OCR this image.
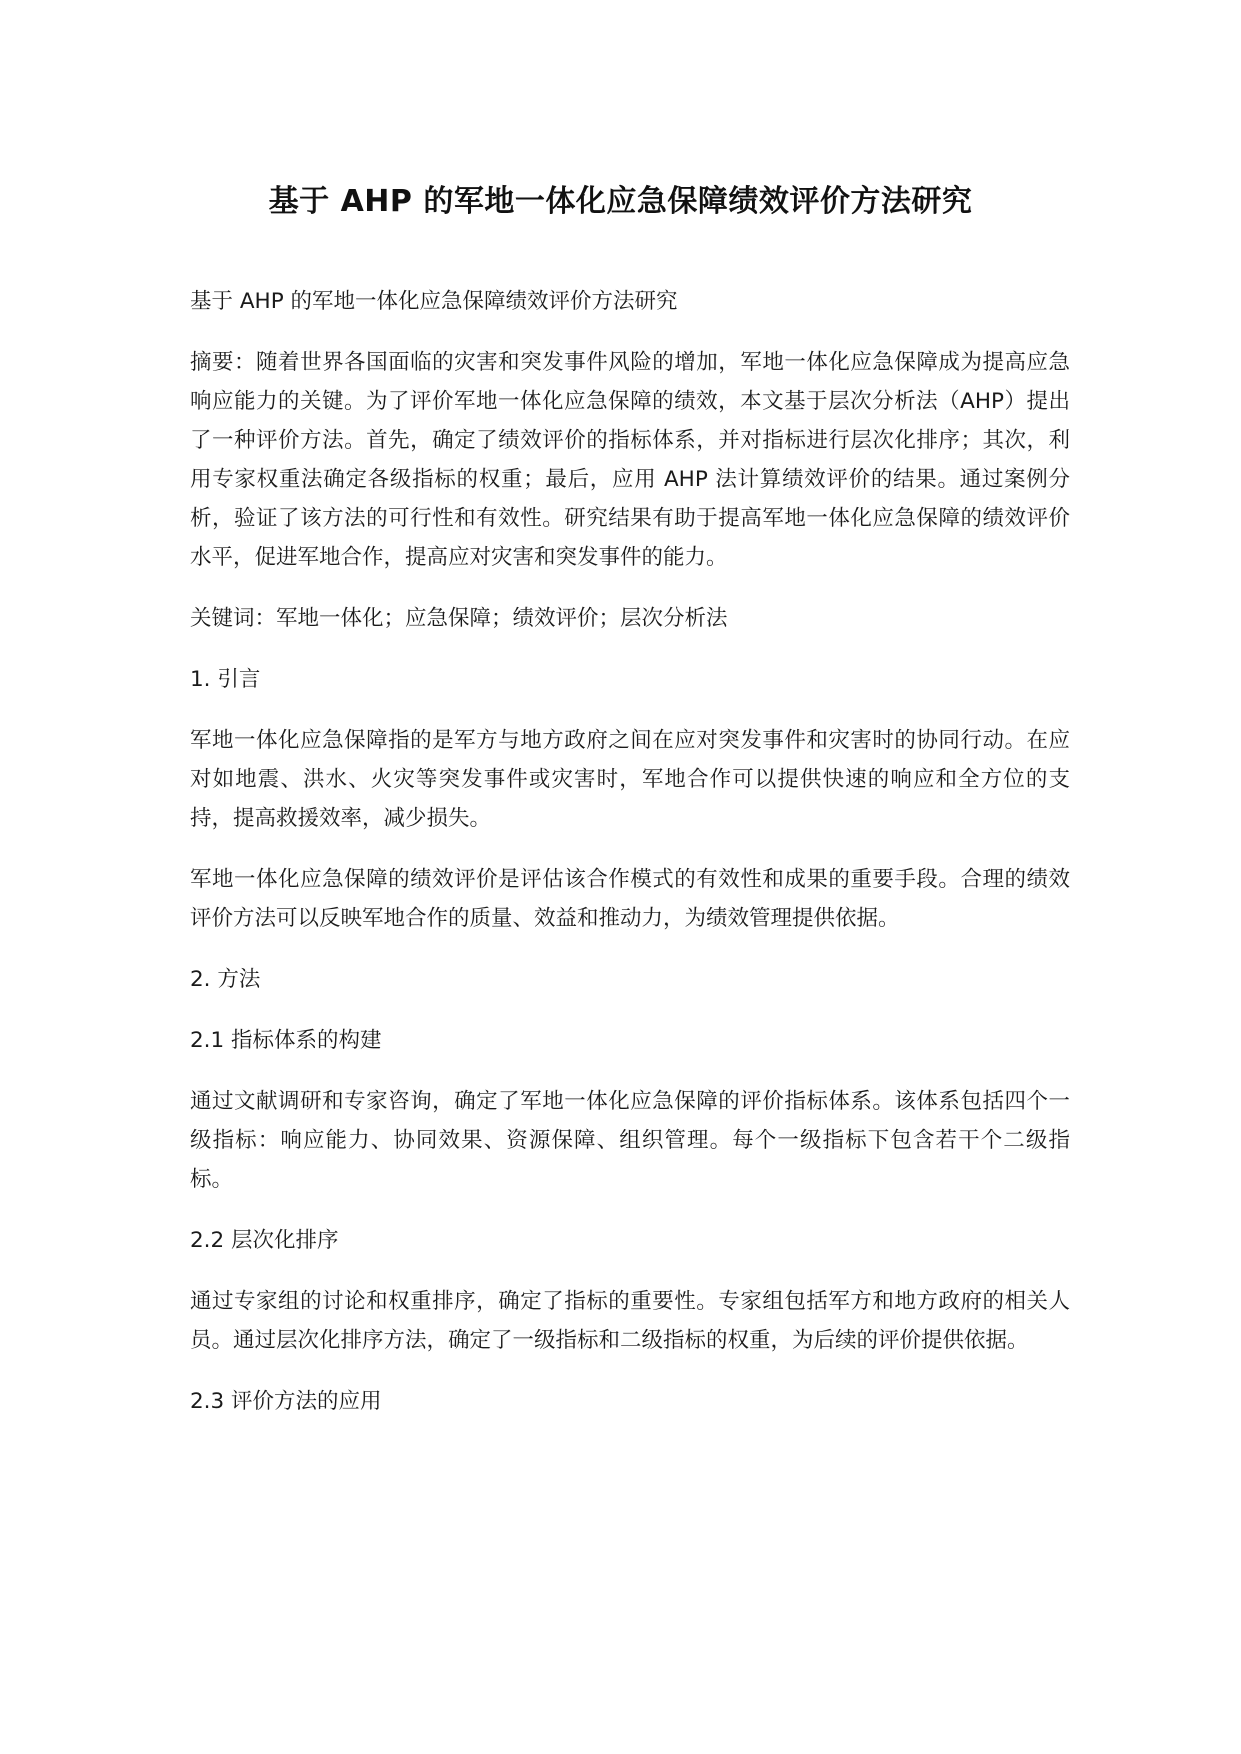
基于 AHP 的军地一体化应急保障绩效评价方法研究

基于 AHP 的军地一体化应急保障绩效评价方法研究

摘要：随着世界各国面临的灾害和突发事件风险的增加，军地一体化应急保障成为提高应急响应能力的关键。为了评价军地一体化应急保障的绩效，本文基于层次分析法（AHP）提出了一种评价方法。首先，确定了绩效评价的指标体系，并对指标进行层次化排序；其次，利用专家权重法确定各级指标的权重；最后，应用 AHP 法计算绩效评价的结果。通过案例分析，验证了该方法的可行性和有效性。研究结果有助于提高军地一体化应急保障的绩效评价水平，促进军地合作，提高应对灾害和突发事件的能力。

关键词：军地一体化；应急保障；绩效评价；层次分析法

1. 引言

军地一体化应急保障指的是军方与地方政府之间在应对突发事件和灾害时的协同行动。在应对如地震、洪水、火灾等突发事件或灾害时，军地合作可以提供快速的响应和全方位的支持，提高救援效率，减少损失。

军地一体化应急保障的绩效评价是评估该合作模式的有效性和成果的重要手段。合理的绩效评价方法可以反映军地合作的质量、效益和推动力，为绩效管理提供依据。

2. 方法

2.1 指标体系的构建

通过文献调研和专家咨询，确定了军地一体化应急保障的评价指标体系。该体系包括四个一级指标：响应能力、协同效果、资源保障、组织管理。每个一级指标下包含若干个二级指标。

2.2 层次化排序

通过专家组的讨论和权重排序，确定了指标的重要性。专家组包括军方和地方政府的相关人员。通过层次化排序方法，确定了一级指标和二级指标的权重，为后续的评价提供依据。

2.3 评价方法的应用
